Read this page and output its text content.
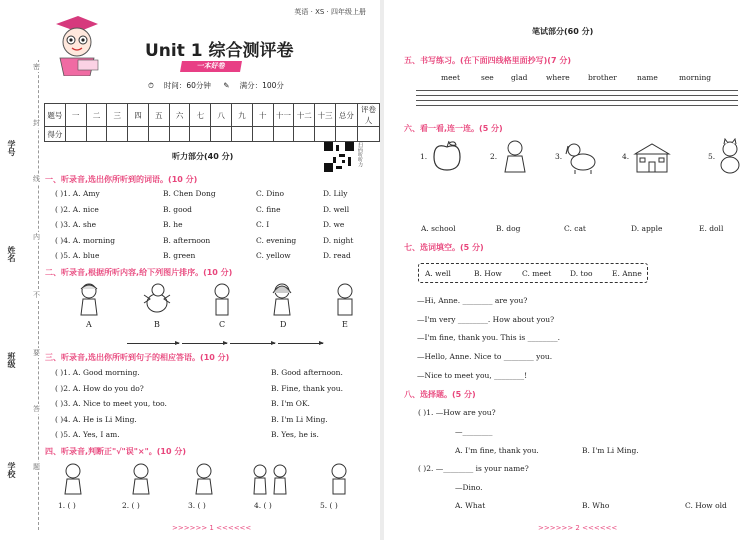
学号
姓名
班级
学校
密
封
线
内
不
要
答
题
英语 · XS · 四年级上册
Unit 1 综合测评卷
一本好卷
⏱ 时间：60分钟 ✎ 满分：100分
题号	一	二	三	四	五	六	七	八	九	十	十一	十二	十三	总分	评卷人
得分															
听力部分(40 分)	扫码听听力
一、听录音,选出你所听到的词语。(10 分)
( )1. A. Amy	B. Chen Dong	C. Dino	D. Lily
( )2. A. nice	B. good	C. fine	D. well
( )3. A. she	B. he	C. I	D. we
( )4. A. morning	B. afternoon	C. evening	D. night
( )5. A. blue	B. green	C. yellow	D. read
二、听录音,根据所听内容,给下列图片排序。(10 分)
A	B	C	D	E
三、听录音,选出你所听到句子的相应答语。(10 分)
( )1. A. Good morning.	B. Good afternoon.
( )2. A. How do you do?	B. Fine, thank you.
( )3. A. Nice to meet you, too.	B. I'm OK.
( )4. A. He is Li Ming.	B. I'm Li Ming.
( )5. A. Yes, I am.	B. Yes, he is.
四、听录音,判断正"√"误"×"。(10 分)
1. ( )	2. ( )	3. ( )	4. ( )	5. ( )
>>>>>> 1 <<<<<<
笔试部分(60 分)
五、书写练习。(在下面四线格里面抄写)(7 分)
meet	see glad where brother	name	morning
六、看一看,连一连。(5 分)
1.	2.	3.	4.	5.
A. school	B. dog	C. cat	D. apple	E. doll
七、选词填空。(5 分)
A. well	B. How	C. meet	D. too	E. Anne
—Hi, Anne. ________ are you?
—I'm very ________. How about you?
—I'm fine, thank you. This is ________.
—Hello, Anne. Nice to ________ you.
—Nice to meet you, ________!
八、选择题。(5 分)
( )1. —How are you?
—________
A. I'm fine, thank you.	B. I'm Li Ming.
( )2. —________ is your name?
—Dino.
A. What	B. Who	C. How old
>>>>>> 2 <<<<<<
